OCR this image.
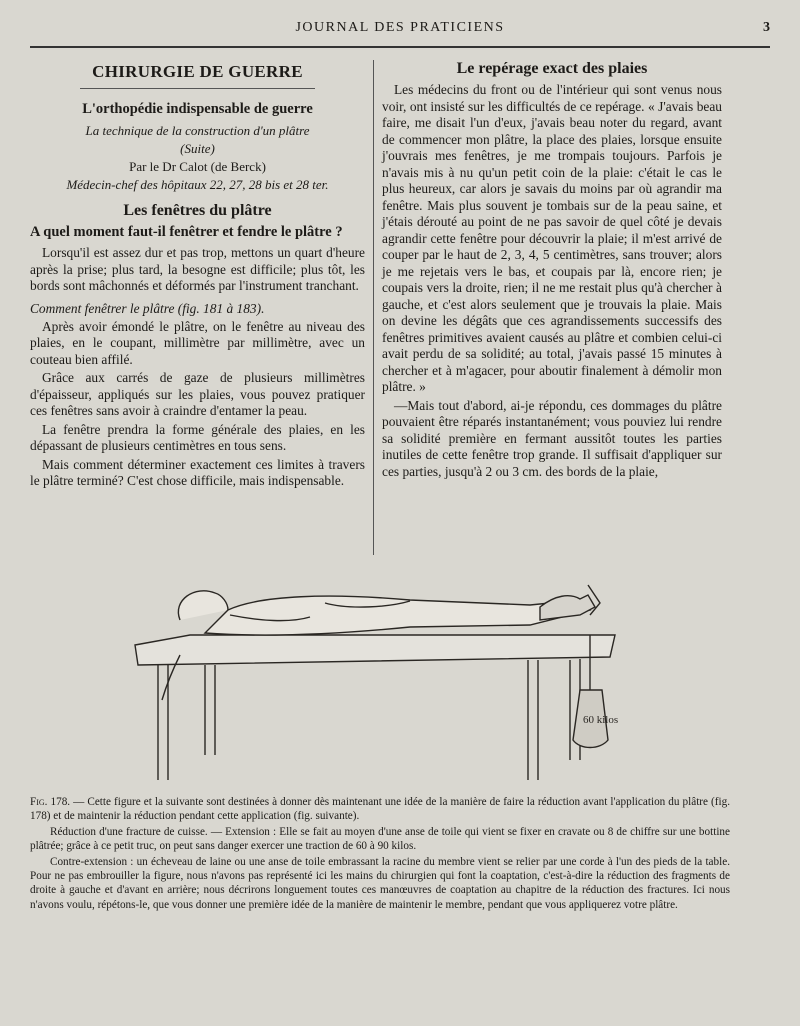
JOURNAL DES PRATICIENS	3
CHIRURGIE DE GUERRE
L'orthopédie indispensable de guerre
La technique de la construction d'un plâtre
(Suite)
Par le Dr Calot (de Berck)
Médecin-chef des hôpitaux 22, 27, 28 bis et 28 ter.
Les fenêtres du plâtre
A quel moment faut-il fenêtrer et fendre le plâtre ?

Lorsqu'il est assez dur et pas trop, mettons un quart d'heure après la prise; plus tard, la besogne est difficile; plus tôt, les bords sont mâchonnés et déformés par l'instrument tranchant.

Comment fenêtrer le plâtre (fig. 181 à 183).

Après avoir émondé le plâtre, on le fenêtre au niveau des plaies, en le coupant, millimètre par millimètre, avec un couteau bien affilé.

Grâce aux carrés de gaze de plusieurs millimètres d'épaisseur, appliqués sur les plaies, vous pouvez pratiquer ces fenêtres sans avoir à craindre d'entamer la peau.

La fenêtre prendra la forme générale des plaies, en les dépassant de plusieurs centimètres en tous sens.

Mais comment déterminer exactement ces limites à travers le plâtre terminé? C'est chose difficile, mais indispensable.

Le repérage exact des plaies

Les médecins du front ou de l'intérieur qui sont venus nous voir, ont insisté sur les difficultés de ce repérage. « J'avais beau faire, me disait l'un d'eux, j'avais beau noter du regard, avant de commencer mon plâtre, la place des plaies, lorsque ensuite j'ouvrais mes fenêtres, je me trompais toujours. Parfois je n'avais mis à nu qu'un petit coin de la plaie: c'était le cas le plus heureux, car alors je savais du moins par où agrandir ma fenêtre. Mais plus souvent je tombais sur de la peau saine, et j'étais dérouté au point de ne pas savoir de quel côté je devais agrandir cette fenêtre pour découvrir la plaie; il m'est arrivé de couper par le haut de 2, 3, 4, 5 centimètres, sans trouver; alors je me rejetais vers le bas, et coupais par là, encore rien; je coupais vers la droite, rien; il ne me restait plus qu'à chercher à gauche, et c'est alors seulement que je trouvais la plaie. Mais on devine les dégâts que ces agrandissements successifs des fenêtres primitives avaient causés au plâtre et combien celui-ci avait perdu de sa solidité; au total, j'avais passé 15 minutes à chercher et à m'agacer, pour aboutir finalement à démolir mon plâtre. »

—Mais tout d'abord, ai-je répondu, ces dommages du plâtre pouvaient être réparés instantanément; vous pouviez lui rendre sa solidité première en fermant aussitôt toutes les parties inutiles de cette fenêtre trop grande. Il suffisait d'appliquer sur ces parties, jusqu'à 2 ou 3 cm. des bords de la plaie,

60 kilos

Fig. 178. — Cette figure et la suivante sont destinées à donner dès maintenant une idée de la manière de faire la réduction avant l'application du plâtre (fig. 178) et de maintenir la réduction pendant cette application (fig. suivante).

Réduction d'une fracture de cuisse. — Extension : Elle se fait au moyen d'une anse de toile qui vient se fixer en cravate ou 8 de chiffre sur une bottine plâtrée; grâce à ce petit truc, on peut sans danger exercer une traction de 60 à 90 kilos.

Contre-extension : un écheveau de laine ou une anse de toile embrassant la racine du membre vient se relier par une corde à l'un des pieds de la table. Pour ne pas embrouiller la figure, nous n'avons pas représenté ici les mains du chirurgien qui font la coaptation, c'est-à-dire la réduction des fragments de droite à gauche et d'avant en arrière; nous décrirons longuement toutes ces manœuvres de coaptation au chapitre de la réduction des fractures. Ici nous n'avons voulu, répétons-le, que vous donner une première idée de la manière de maintenir le membre, pendant que vous appliquerez votre plâtre.
